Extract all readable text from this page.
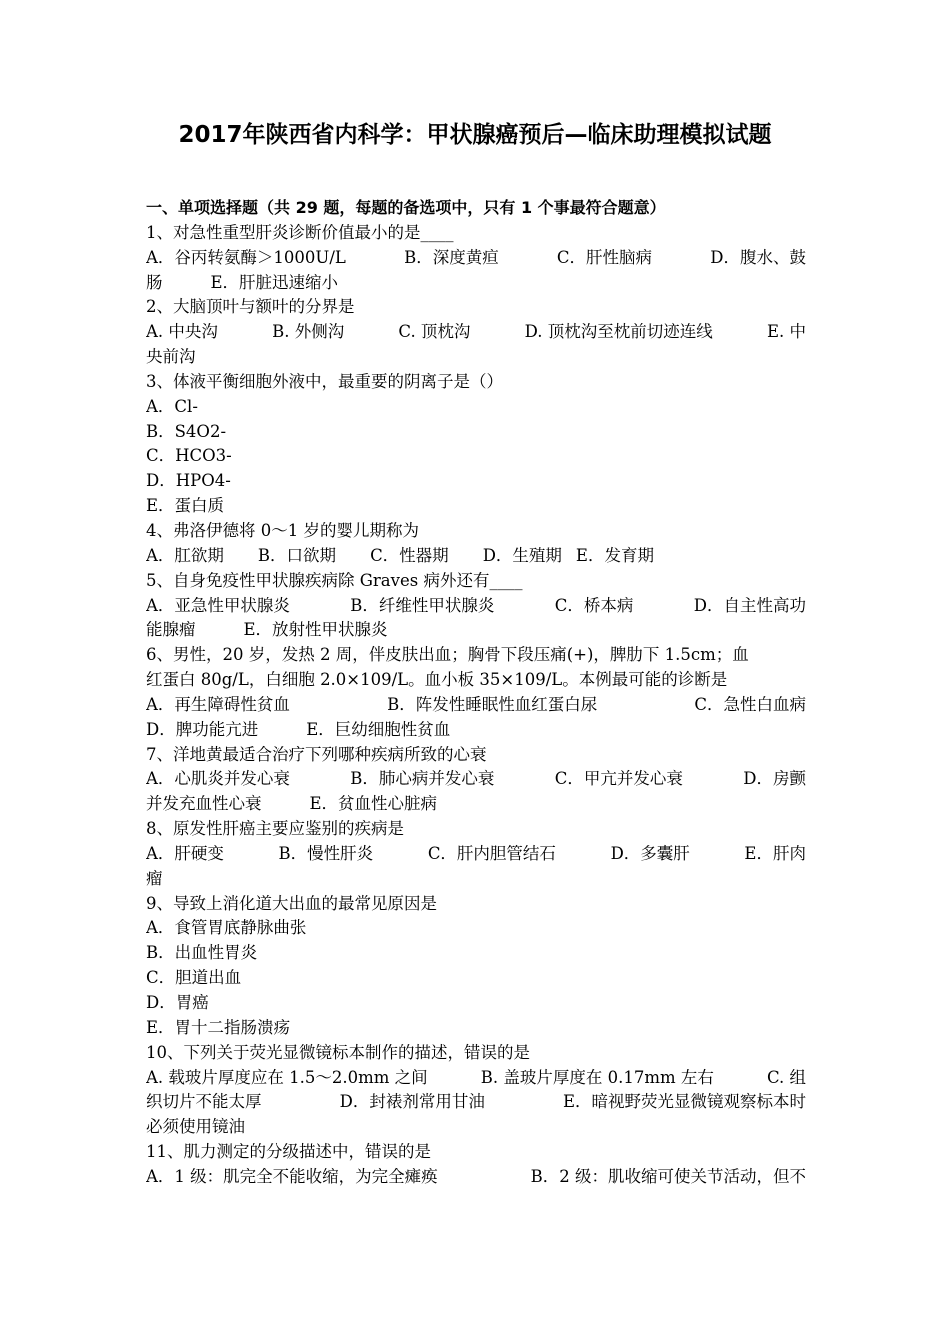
2017年陕西省内科学：甲状腺癌预后—临床助理模拟试题
一、单项选择题（共 29 题，每题的备选项中，只有 1 个事最符合题意）
1、对急性重型肝炎诊断价值最小的是____
A．谷丙转氨酶＞1000U/L	B．深度黄疸	C．肝性脑病	D．腹水、鼓
肠	E．肝脏迅速缩小
2、大脑顶叶与额叶的分界是
A. 中央沟	B. 外侧沟	C. 顶枕沟	D. 顶枕沟至枕前切迹连线	E. 中
央前沟
3、体液平衡细胞外液中，最重要的阴离子是（）
A．Cl-
B．S4O2-
C．HCO3-
D．HPO4-
E．蛋白质
4、弗洛伊德将 0～1 岁的婴儿期称为
A．肛欲期 B．口欲期 C．性器期 D．生殖期 E．发育期
5、自身免疫性甲状腺疾病除 Graves 病外还有____
A．亚急性甲状腺炎	B．纤维性甲状腺炎	C．桥本病	D．自主性高功
能腺瘤	E．放射性甲状腺炎
6、男性，20 岁，发热 2 周，伴皮肤出血；胸骨下段压痛(+)，脾肋下 1.5cm；血
红蛋白 80g/L，白细胞 2.0×109/L。血小板 35×109/L。本例最可能的诊断是
A．再生障碍性贫血	B．阵发性睡眠性血红蛋白尿	C．急性白血病
D．脾功能亢进	E．巨幼细胞性贫血
7、洋地黄最适合治疗下列哪种疾病所致的心衰
A．心肌炎并发心衰	B．肺心病并发心衰	C．甲亢并发心衰	D．房颤
并发充血性心衰	E．贫血性心脏病
8、原发性肝癌主要应鉴别的疾病是
A．肝硬变	B．慢性肝炎	C．肝内胆管结石	D．多囊肝	E．肝肉
瘤
9、导致上消化道大出血的最常见原因是
A．食管胃底静脉曲张
B．出血性胃炎
C．胆道出血
D．胃癌
E．胃十二指肠溃疡
10、下列关于荧光显微镜标本制作的描述，错误的是
A. 载玻片厚度应在 1.5～2.0mm 之间	B. 盖玻片厚度在 0.17mm 左右	C. 组
织切片不能太厚	D．封裱剂常用甘油	E．暗视野荧光显微镜观察标本时
必须使用镜油
11、肌力测定的分级描述中，错误的是
A．1 级：肌完全不能收缩，为完全瘫痪	B．2 级：肌收缩可使关节活动，但不
